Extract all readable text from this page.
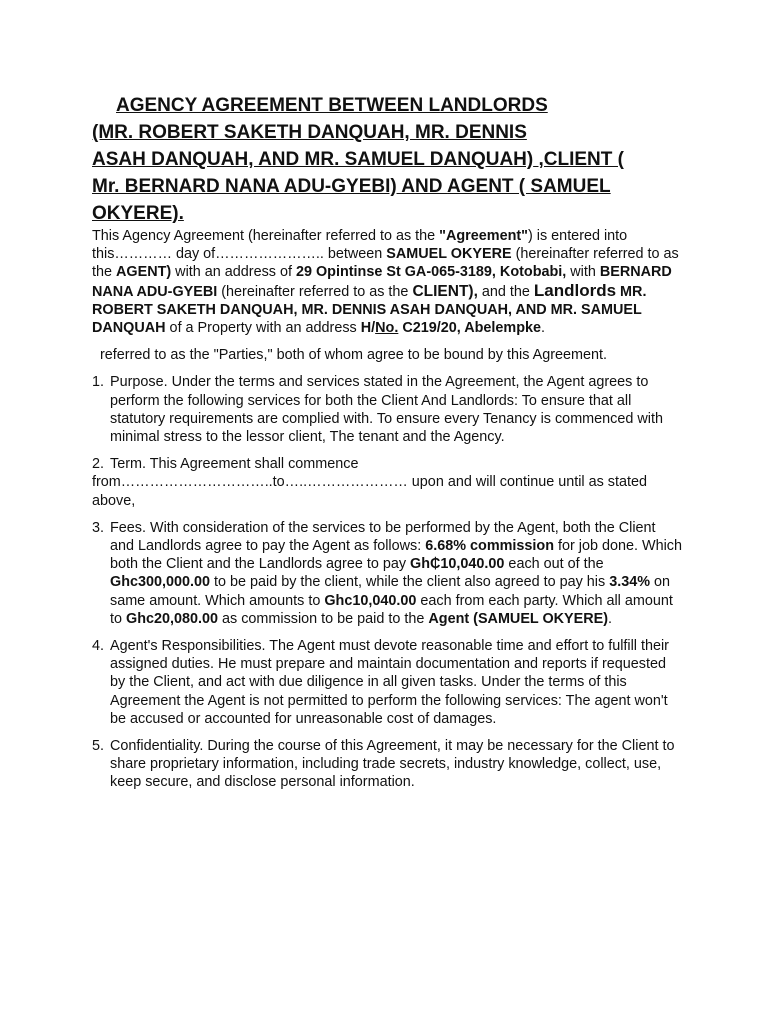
AGENCY AGREEMENT BETWEEN LANDLORDS
(MR. ROBERT SAKETH DANQUAH, MR. DENNIS
ASAH DANQUAH, AND MR. SAMUEL DANQUAH) ,CLIENT (
Mr. BERNARD NANA ADU-GYEBI) AND AGENT ( SAMUEL
OKYERE).

This Agency Agreement (hereinafter referred to as the "Agreement") is entered into this………… day of………………….. between SAMUEL OKYERE (hereinafter referred to as the AGENT) with an address of 29 Opintinse St GA-065-3189, Kotobabi, with BERNARD NANA ADU-GYEBI (hereinafter referred to as the CLIENT), and the Landlords MR. ROBERT SAKETH DANQUAH, MR. DENNIS ASAH DANQUAH, AND MR. SAMUEL DANQUAH of a Property with an address H/No. C219/20, Abelempke.

referred to as the "Parties," both of whom agree to be bound by this Agreement.

1. Purpose. Under the terms and services stated in the Agreement, the Agent agrees to perform the following services for both the Client And Landlords: To ensure that all statutory requirements are complied with. To ensure every Tenancy is commenced with minimal stress to the lessor client, The tenant and the Agency.
2. Term. This Agreement shall commence
from…………………………..to…..………………… upon and will continue until as stated above,
3. Fees. With consideration of the services to be performed by the Agent, both the Client and Landlords agree to pay the Agent as follows: 6.68% commission for job done. Which both the Client and the Landlords agree to pay Gh₵10,040.00 each out of the Ghc300,000.00 to be paid by the client, while the client also agreed to pay his 3.34% on same amount. Which amounts to Ghc10,040.00 each from each party. Which all amount to Ghc20,080.00 as commission to be paid to the Agent (SAMUEL OKYERE).
4. Agent's Responsibilities. The Agent must devote reasonable time and effort to fulfill their assigned duties. He must prepare and maintain documentation and reports if requested by the Client, and act with due diligence in all given tasks. Under the terms of this Agreement the Agent is not permitted to perform the following services: The agent won't be accused or accounted for unreasonable cost of damages.
5. Confidentiality. During the course of this Agreement, it may be necessary for the Client to share proprietary information, including trade secrets, industry knowledge, collect, use, keep secure, and disclose personal information.
